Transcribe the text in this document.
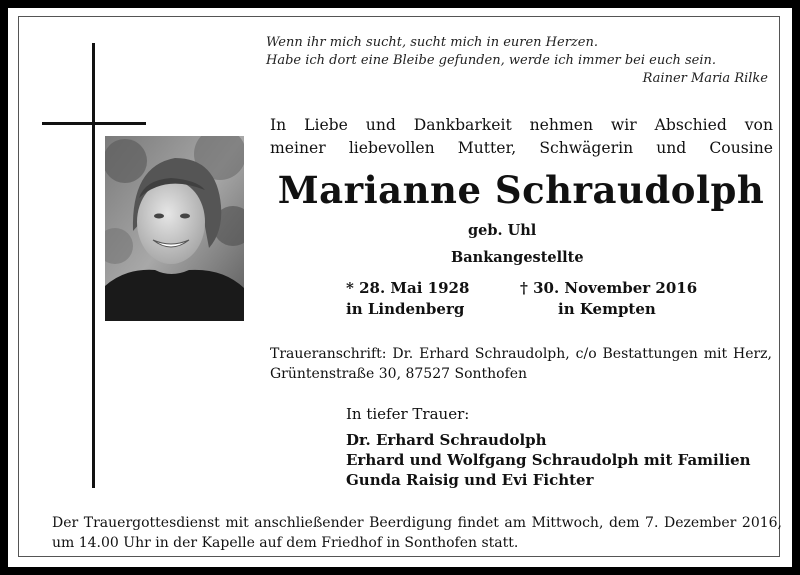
Wenn ihr mich sucht, sucht mich in euren Herzen.
Habe ich dort eine Bleibe gefunden, werde ich immer bei euch sein.
Rainer Maria Rilke
In Liebe und Dankbarkeit nehmen wir Abschied von
meiner liebevollen Mutter, Schwägerin und Cousine
Marianne Schraudolph
geb. Uhl
Bankangestellte
* 28. Mai 1928
in Lindenberg
† 30. November 2016
in Kempten
Traueranschrift: Dr. Erhard Schraudolph, c/o Bestattungen mit Herz, Grüntenstraße 30, 87527 Sonthofen
In tiefer Trauer:
Dr. Erhard Schraudolph
Erhard und Wolfgang Schraudolph mit Familien
Gunda Raisig und Evi Fichter
Der Trauergottesdienst mit anschließender Beerdigung findet am Mittwoch, dem 7. Dezember 2016, um 14.00 Uhr in der Kapelle auf dem Friedhof in Sonthofen statt.
